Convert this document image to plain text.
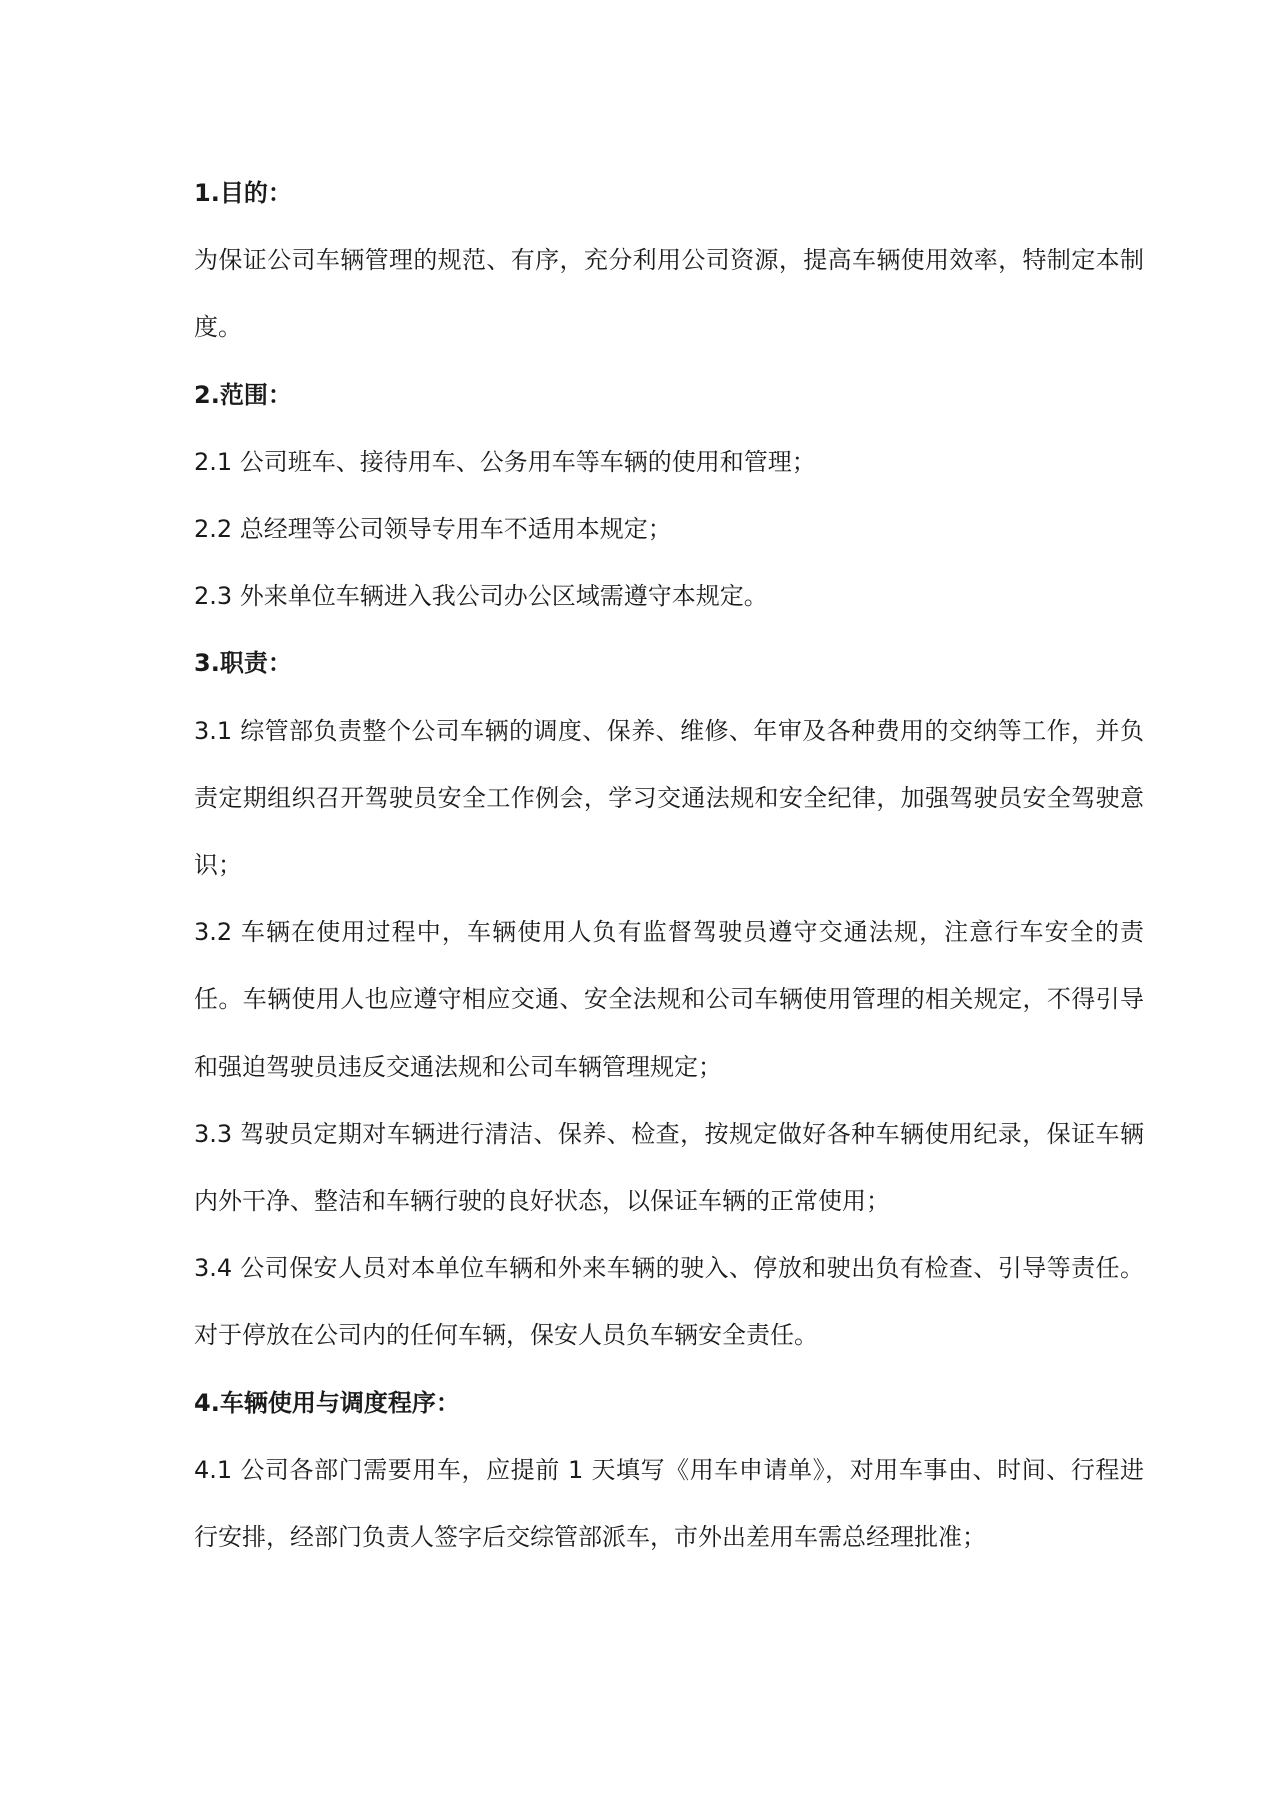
1.目的：

为保证公司车辆管理的规范、有序，充分利用公司资源，提高车辆使用效率，特制定本制度。

2.范围：

2.1 公司班车、接待用车、公务用车等车辆的使用和管理；

2.2 总经理等公司领导专用车不适用本规定；

2.3 外来单位车辆进入我公司办公区域需遵守本规定。

3.职责：

3.1 综管部负责整个公司车辆的调度、保养、维修、年审及各种费用的交纳等工作，并负责定期组织召开驾驶员安全工作例会，学习交通法规和安全纪律，加强驾驶员安全驾驶意识；

3.2 车辆在使用过程中，车辆使用人负有监督驾驶员遵守交通法规，注意行车安全的责任。车辆使用人也应遵守相应交通、安全法规和公司车辆使用管理的相关规定，不得引导和强迫驾驶员违反交通法规和公司车辆管理规定；

3.3 驾驶员定期对车辆进行清洁、保养、检查，按规定做好各种车辆使用纪录，保证车辆内外干净、整洁和车辆行驶的良好状态，以保证车辆的正常使用；

3.4 公司保安人员对本单位车辆和外来车辆的驶入、停放和驶出负有检查、引导等责任。对于停放在公司内的任何车辆，保安人员负车辆安全责任。

4.车辆使用与调度程序：

4.1 公司各部门需要用车，应提前 1 天填写《用车申请单》，对用车事由、时间、行程进行安排，经部门负责人签字后交综管部派车，市外出差用车需总经理批准；
